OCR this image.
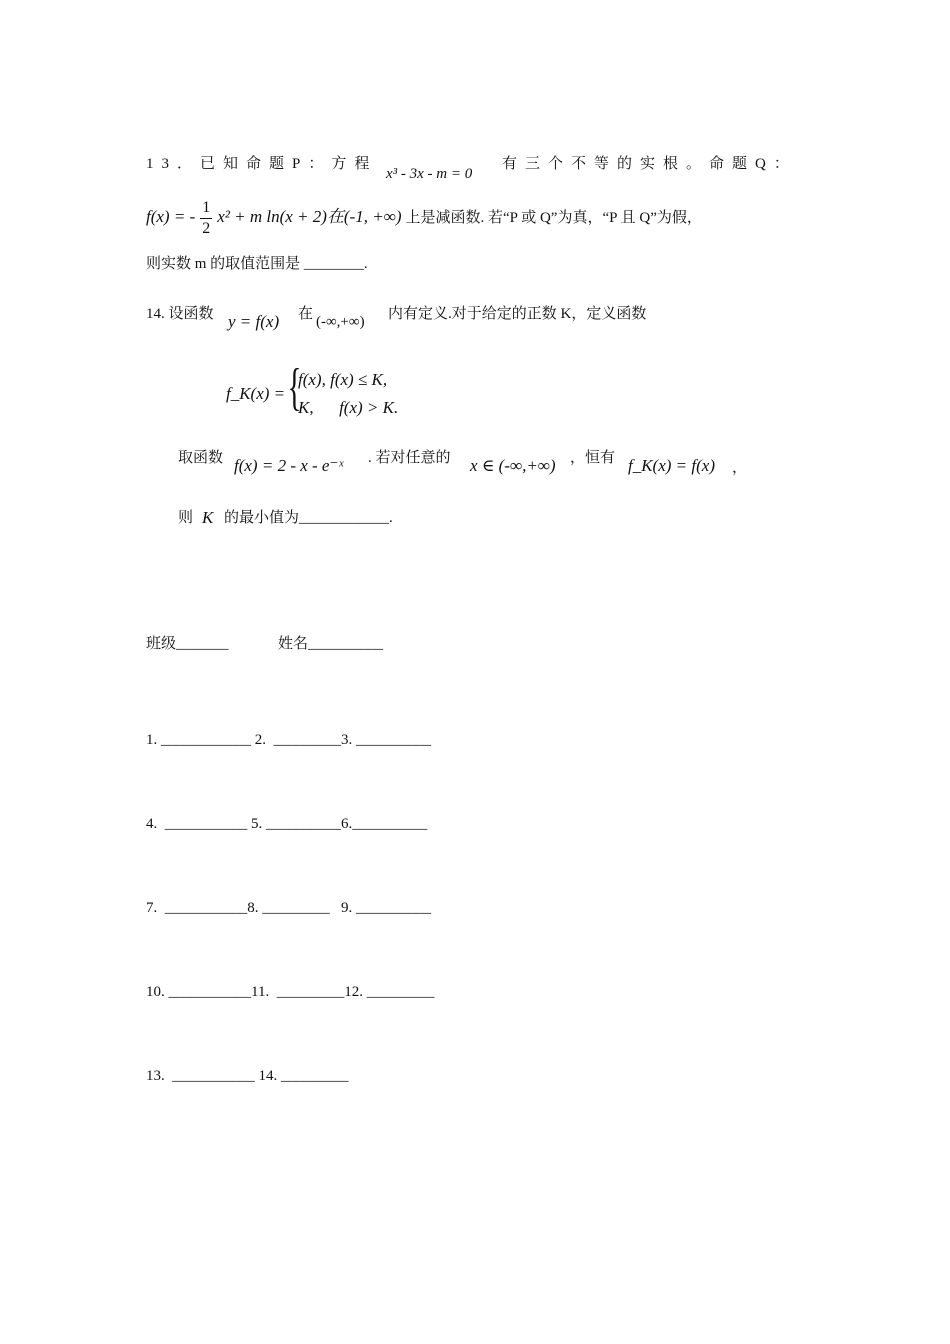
13．已知命题P：方程
x³ - 3x - m = 0
有三个不等的实根。命题Q：
f(x) = - $\frac{1}{2} x^2 + m$ ln(x + 2)在(-1, +∞) 上是减函数. 若“P 或 Q”为真，“P 且 Q”为假，
则实数 m 的取值范围是 ________.
14. 设函数 y = f(x) 在 (-∞,+∞) 内有定义.对于给定的正数 K，定义函数
f_K(x) = {
f(x), f(x) ≤ K,
K,      f(x) > K.
取函数 f(x) = 2 - x - e⁻ˣ . 若对任意的 x ∈ (-∞,+∞) ，恒有 f_K(x) = f(x) ，
则 K 的最小值为____________.
班级_______	姓名__________
1. ____________ 2.  _________3. __________
4.  ___________ 5. __________6.__________
7.  ___________8. _________   9. __________
10. ___________11.  _________12. _________
13.  ___________ 14. _________
